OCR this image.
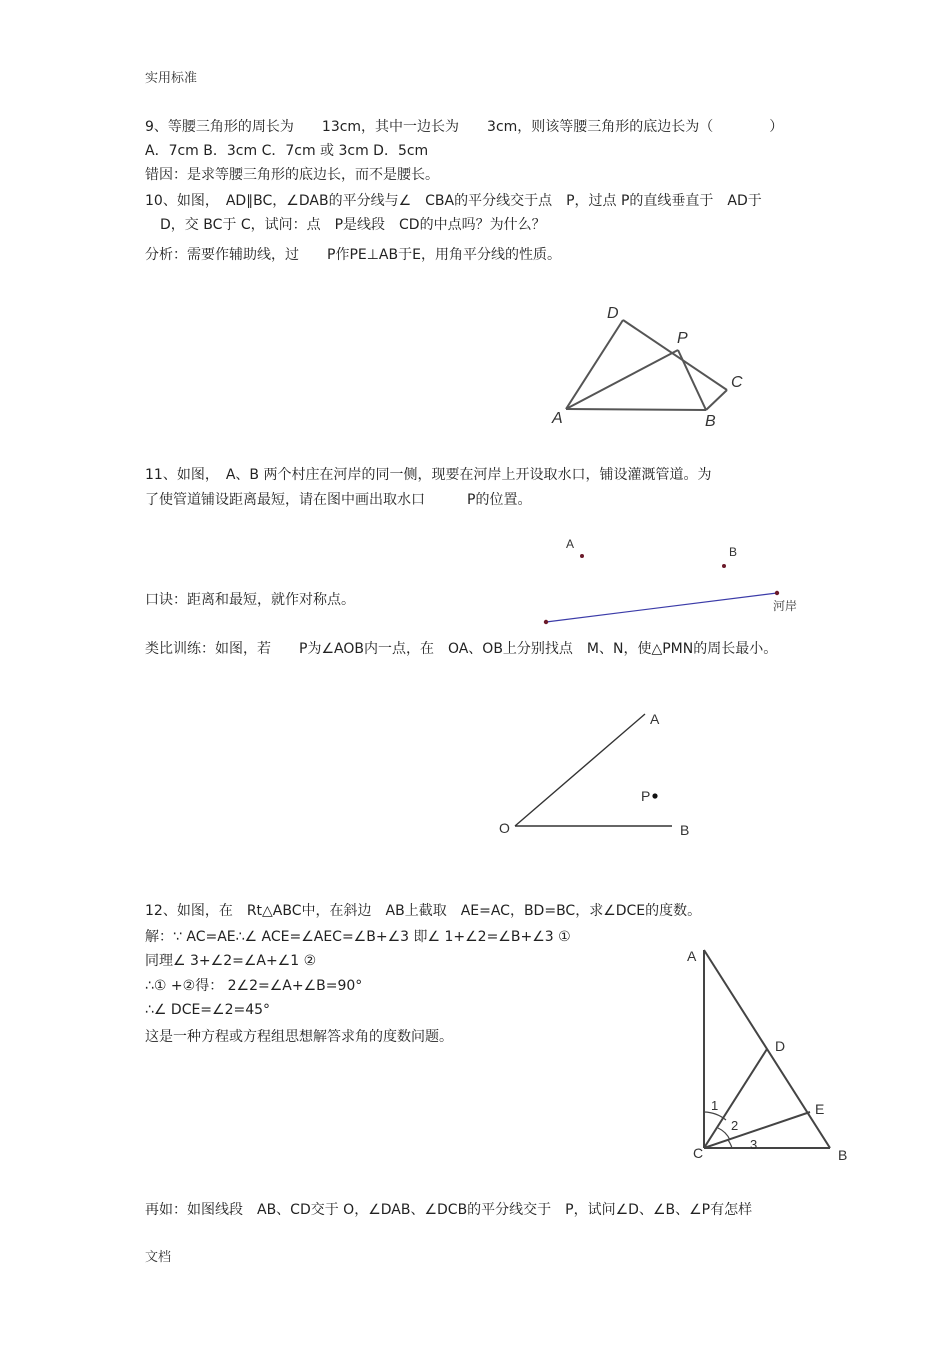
实用标准
9、等腰三角形的周长为　　13cm，其中一边长为　　3cm，则该等腰三角形的底边长为（　　　　）
A．7cm B．3cm C．7cm 或 3cm D．5cm
错因：是求等腰三角形的底边长，而不是腰长。
10、如图，　AD∥BC，∠DAB的平分线与∠　CBA的平分线交于点　P，过点 P的直线垂直于　AD于
D，交 BC于 C，试问：点　P是线段　CD的中点吗？为什么？
分析：需要作辅助线，过　　P作PE⊥AB于E，用角平分线的性质。
D
P
C
A	B
11、如图，　A、B 两个村庄在河岸的同一侧，现要在河岸上开设取水口，铺设灌溉管道。为
了使管道铺设距离最短，请在图中画出取水口　　　P的位置。
A
B
河岸
口诀：距离和最短，就作对称点。
类比训练：如图，若　　P为∠AOB内一点，在　OA、OB上分别找点　M、N，使△PMN的周长最小。
A
P
O	B
12、如图，在　Rt△ABC中，在斜边　AB上截取　AE=AC，BD=BC，求∠DCE的度数。
解：∵ AC=AE∴∠ ACE=∠AEC=∠B+∠3 即∠ 1+∠2=∠B+∠3 ①
同理∠ 3+∠2=∠A+∠1 ②
∴① +②得： 2∠2=∠A+∠B=90°
∴∠ DCE=∠2=45°
这是一种方程或方程组思想解答求角的度数问题。
A
D
E
C	B
1
2
3
再如：如图线段　AB、CD交于 O，∠DAB、∠DCB的平分线交于　P，试问∠D、∠B、∠P有怎样
文档
